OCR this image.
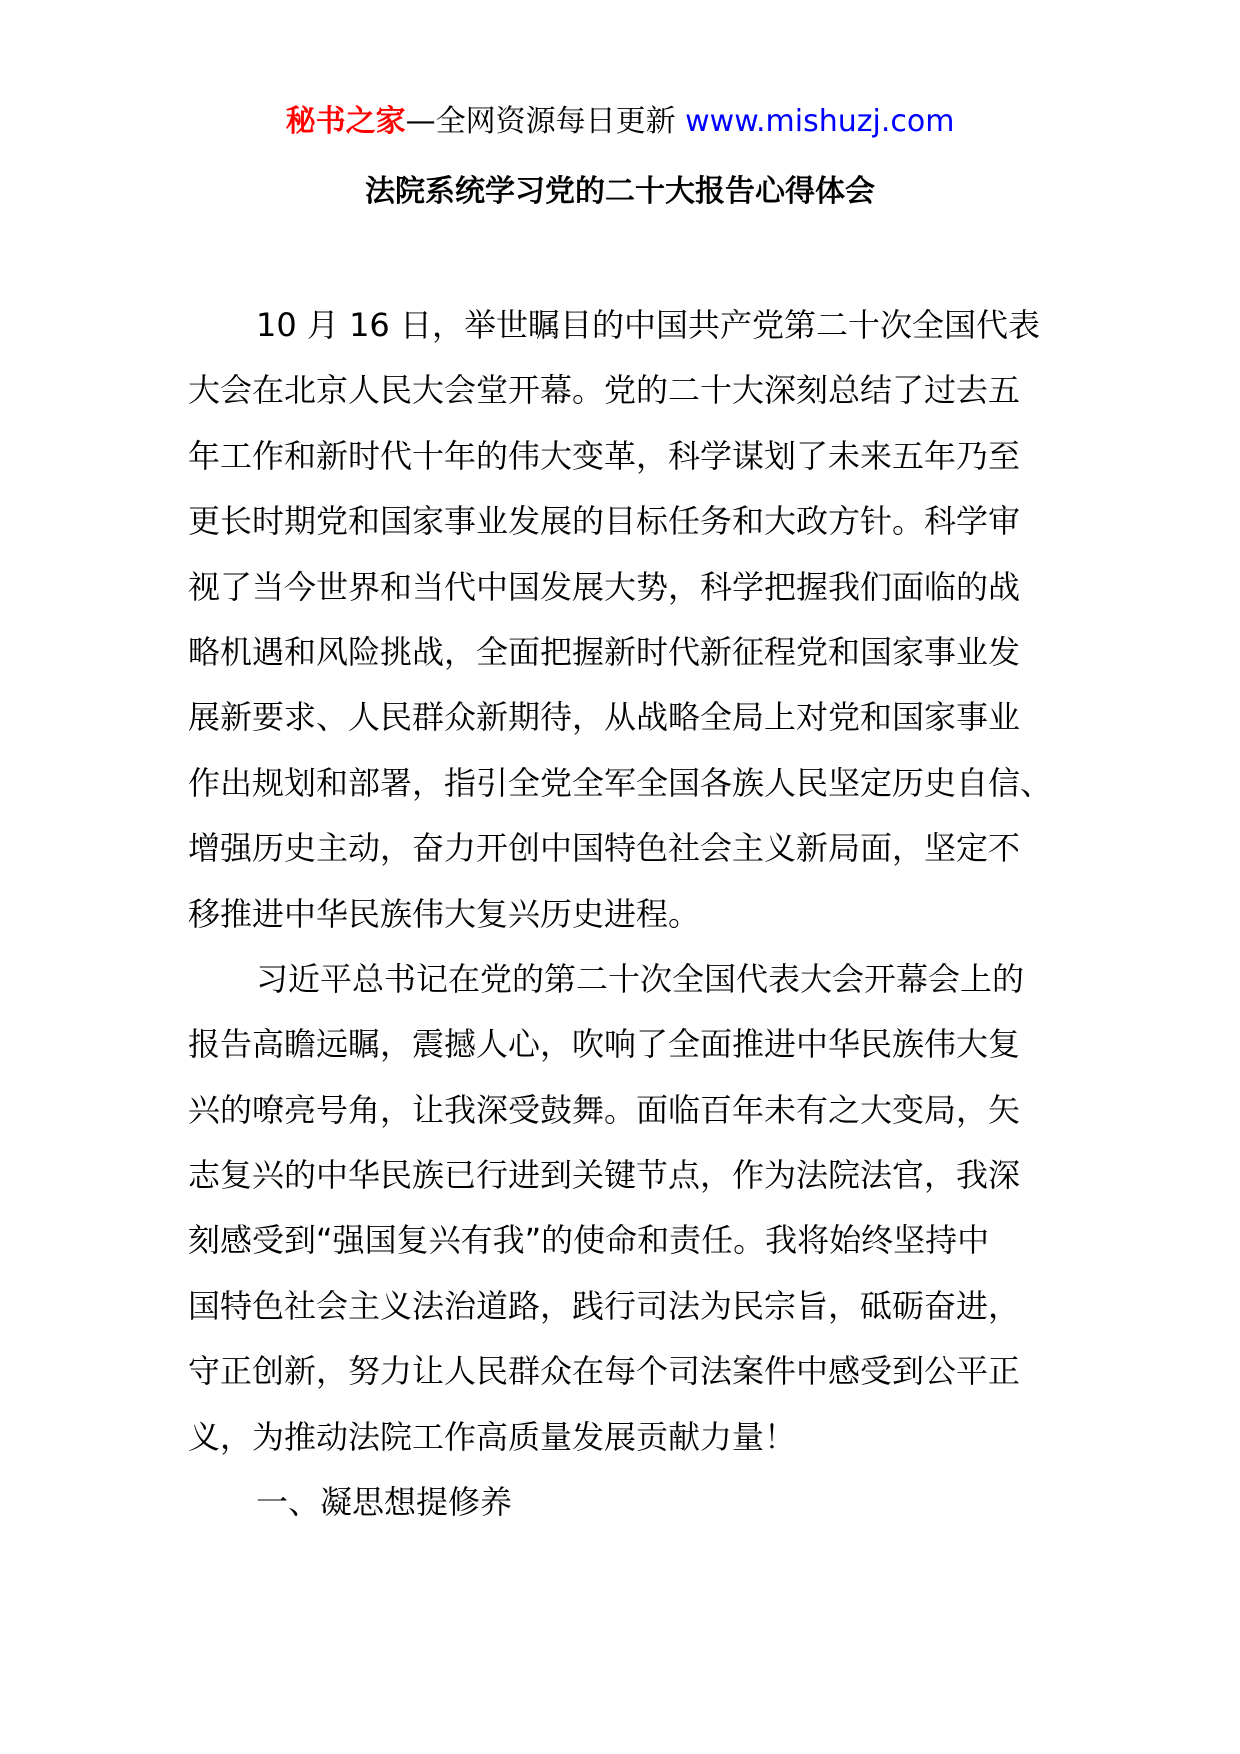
秘书之家—全网资源每日更新 www.mishuzj.com
法院系统学习党的二十大报告心得体会
10 月 16 日，举世瞩目的中国共产党第二十次全国代表
大会在北京人民大会堂开幕。党的二十大深刻总结了过去五
年工作和新时代十年的伟大变革，科学谋划了未来五年乃至
更长时期党和国家事业发展的目标任务和大政方针。科学审
视了当今世界和当代中国发展大势，科学把握我们面临的战
略机遇和风险挑战，全面把握新时代新征程党和国家事业发
展新要求、人民群众新期待，从战略全局上对党和国家事业
作出规划和部署，指引全党全军全国各族人民坚定历史自信、
增强历史主动，奋力开创中国特色社会主义新局面，坚定不
移推进中华民族伟大复兴历史进程。
习近平总书记在党的第二十次全国代表大会开幕会上的
报告高瞻远瞩，震撼人心，吹响了全面推进中华民族伟大复
兴的嘹亮号角，让我深受鼓舞。面临百年未有之大变局，矢
志复兴的中华民族已行进到关键节点，作为法院法官，我深
刻感受到“强国复兴有我”的使命和责任。我将始终坚持中
国特色社会主义法治道路，践行司法为民宗旨，砥砺奋进，
守正创新，努力让人民群众在每个司法案件中感受到公平正
义，为推动法院工作高质量发展贡献力量！
一、凝思想提修养
